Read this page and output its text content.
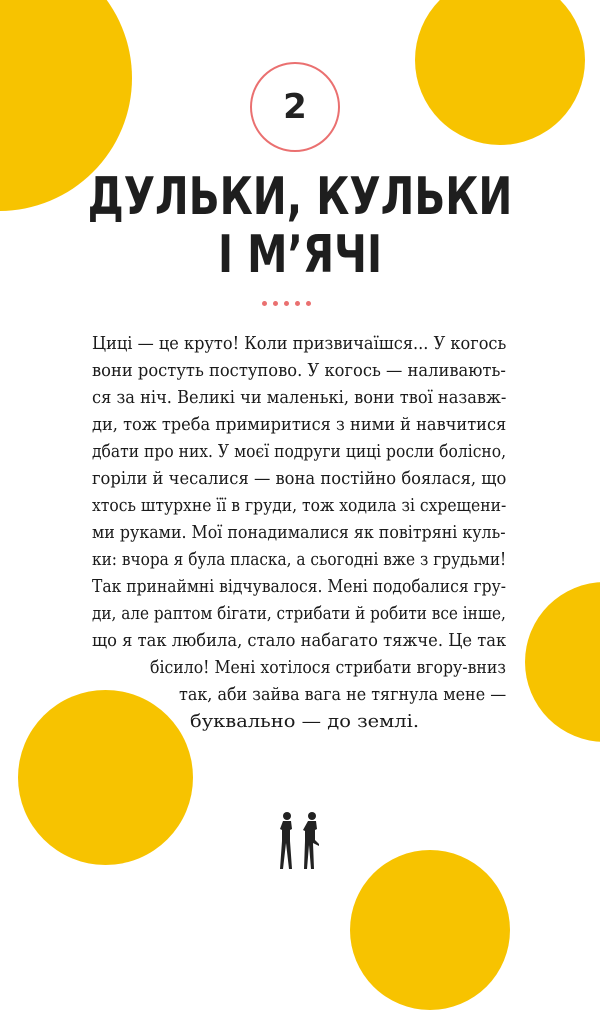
2
ДУЛЬКИ, КУЛЬКИ
І М’ЯЧІ
Циці — це круто! Коли призвичаїшся... У когось
вони ростуть поступово. У когось — наливають-
ся за ніч. Великі чи маленькі, вони твої назавж-
ди, тож треба примиритися з ними й навчитися
дбати про них. У моєї подруги циці росли болісно,
горіли й чесалися — вона постійно боялася, що
хтось штурхне її в груди, тож ходила зі схрещени-
ми руками. Мої понадималися як повітряні куль-
ки: вчора я була пласка, а сьогодні вже з грудьми!
Так принаймні відчувалося. Мені подобалися гру-
ди, але раптом бігати, стрибати й робити все інше,
що я так любила, стало набагато тяжче. Це так
бісило! Мені хотілося стрибати вгору-вниз
так, аби зайва вага не тягнула мене —
буквально — до землі.
